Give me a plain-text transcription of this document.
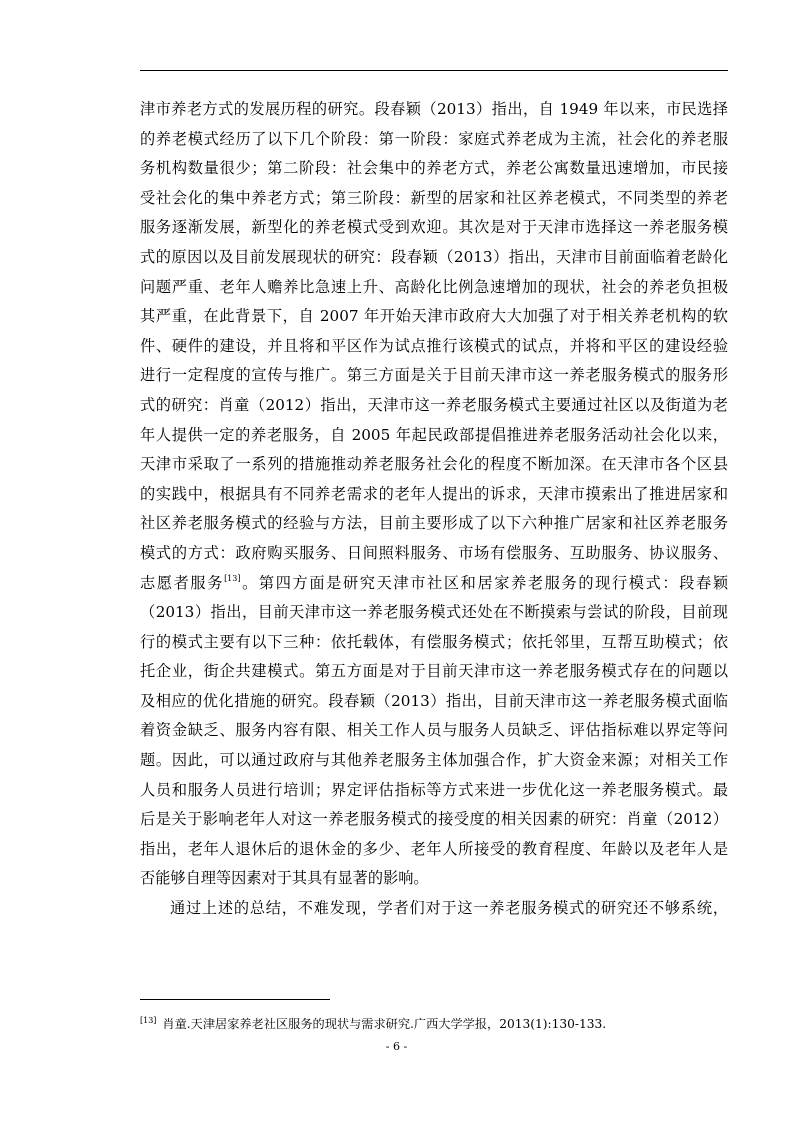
津市养老方式的发展历程的研究。段春颖（2013）指出，自 1949 年以来，市民选择
的养老模式经历了以下几个阶段：第一阶段：家庭式养老成为主流，社会化的养老服
务机构数量很少；第二阶段：社会集中的养老方式，养老公寓数量迅速增加，市民接
受社会化的集中养老方式；第三阶段：新型的居家和社区养老模式，不同类型的养老
服务逐渐发展，新型化的养老模式受到欢迎。其次是对于天津市选择这一养老服务模
式的原因以及目前发展现状的研究：段春颖（2013）指出，天津市目前面临着老龄化
问题严重、老年人赡养比急速上升、高龄化比例急速增加的现状，社会的养老负担极
其严重，在此背景下，自 2007 年开始天津市政府大大加强了对于相关养老机构的软
件、硬件的建设，并且将和平区作为试点推行该模式的试点，并将和平区的建设经验
进行一定程度的宣传与推广。第三方面是关于目前天津市这一养老服务模式的服务形
式的研究：肖童（2012）指出，天津市这一养老服务模式主要通过社区以及街道为老
年人提供一定的养老服务，自 2005 年起民政部提倡推进养老服务活动社会化以来，
天津市采取了一系列的措施推动养老服务社会化的程度不断加深。在天津市各个区县
的实践中，根据具有不同养老需求的老年人提出的诉求，天津市摸索出了推进居家和
社区养老服务模式的经验与方法，目前主要形成了以下六种推广居家和社区养老服务
模式的方式：政府购买服务、日间照料服务、市场有偿服务、互助服务、协议服务、
志愿者服务[13]。第四方面是研究天津市社区和居家养老服务的现行模式：段春颖
（2013）指出，目前天津市这一养老服务模式还处在不断摸索与尝试的阶段，目前现
行的模式主要有以下三种：依托载体，有偿服务模式；依托邻里，互帮互助模式；依
托企业，街企共建模式。第五方面是对于目前天津市这一养老服务模式存在的问题以
及相应的优化措施的研究。段春颖（2013）指出，目前天津市这一养老服务模式面临
着资金缺乏、服务内容有限、相关工作人员与服务人员缺乏、评估指标难以界定等问
题。因此，可以通过政府与其他养老服务主体加强合作，扩大资金来源；对相关工作
人员和服务人员进行培训；界定评估指标等方式来进一步优化这一养老服务模式。最
后是关于影响老年人对这一养老服务模式的接受度的相关因素的研究：肖童（2012）
指出，老年人退休后的退休金的多少、老年人所接受的教育程度、年龄以及老年人是
否能够自理等因素对于其具有显著的影响。
通过上述的总结，不难发现，学者们对于这一养老服务模式的研究还不够系统，
[13] 肖童.天津居家养老社区服务的现状与需求研究.广西大学学报，2013(1):130-133.
- 6 -
